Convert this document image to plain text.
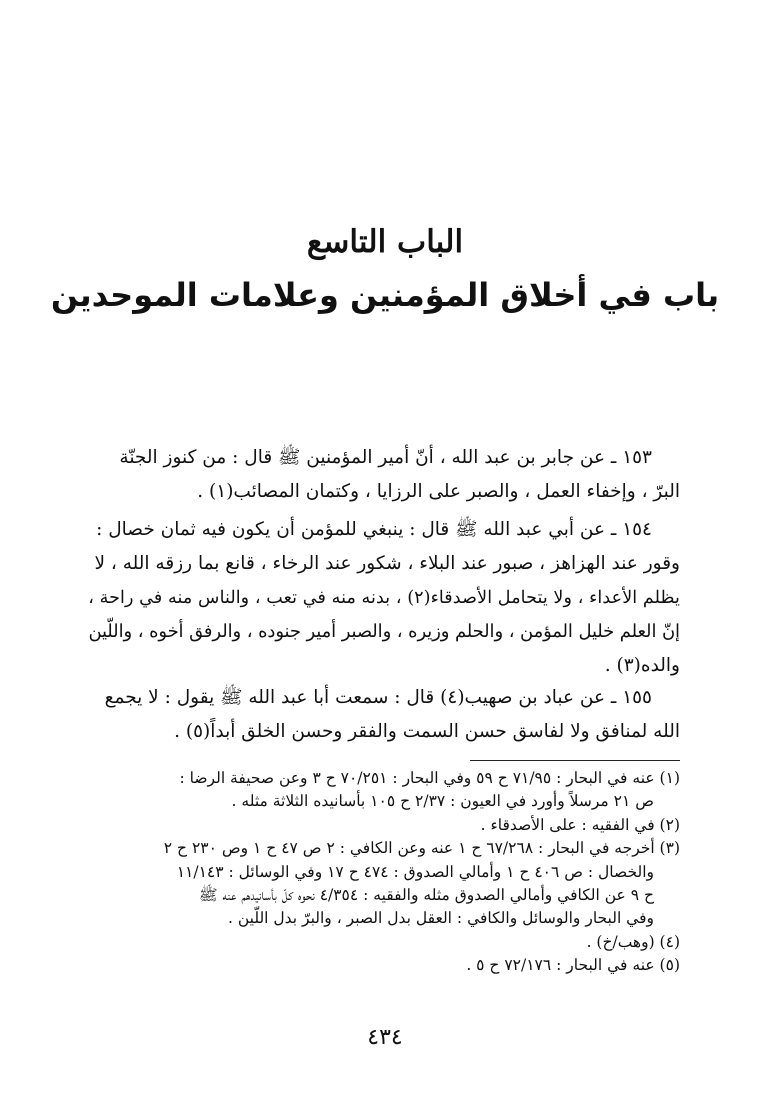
الباب التاسع
باب في أخلاق المؤمنين وعلامات الموحدين
١٥٣ ـ عن جابر بن عبد الله ، أنّ أمير المؤمنين ﷺ قال : من كنوز الجنّة
البرّ ، وإخفاء العمل ، والصبر على الرزايا ، وكتمان المصائب(١) .
١٥٤ ـ عن أبي عبد الله ﷺ قال : ينبغي للمؤمن أن يكون فيه ثمان خصال :
وقور عند الهزاهز ، صبور عند البلاء ، شكور عند الرخاء ، قانع بما رزقه الله ، لا
يظلم الأعداء ، ولا يتحامل الأصدقاء(٢) ، بدنه منه في تعب ، والناس منه في راحة ،
إنّ العلم خليل المؤمن ، والحلم وزيره ، والصبر أمير جنوده ، والرفق أخوه ، واللّين
والده(٣) .
١٥٥ ـ عن عباد بن صهيب(٤) قال : سمعت أبا عبد الله ﷺ يقول : لا يجمع
الله لمنافق ولا لفاسق حسن السمت والفقر وحسن الخلق أبداً(٥) .
(١) عنه في البحار : ٧١/٩٥ ح ٥٩ وفي البحار : ٧٠/٢٥١ ح ٣ وعن صحيفة الرضا :
ص ٢١ مرسلاً وأورد في العيون : ٢/٣٧ ح ١٠٥ بأسانيده الثلاثة مثله .
(٢) في الفقيه : على الأصدقاء .
(٣) أخرجه في البحار : ٦٧/٢٦٨ ح ١ عنه وعن الكافي : ٢ ص ٤٧ ح ١ وص ٢٣٠ ح ٢
والخصال : ص ٤٠٦ ح ١ وأمالي الصدوق : ٤٧٤ ح ١٧ وفي الوسائل : ١١/١٤٣
ح ٩ عن الكافي وأمالي الصدوق مثله والفقيه : ٤/٣٥٤ نحوه كلّ بأسانيدهم عنه ﷺ
وفي البحار والوسائل والكافي : العقل بدل الصبر ، والبرّ بدل اللّين .
(٤) (وهب/خ) .
(٥) عنه في البحار : ٧٢/١٧٦ ح ٥ .
٤٣٤
